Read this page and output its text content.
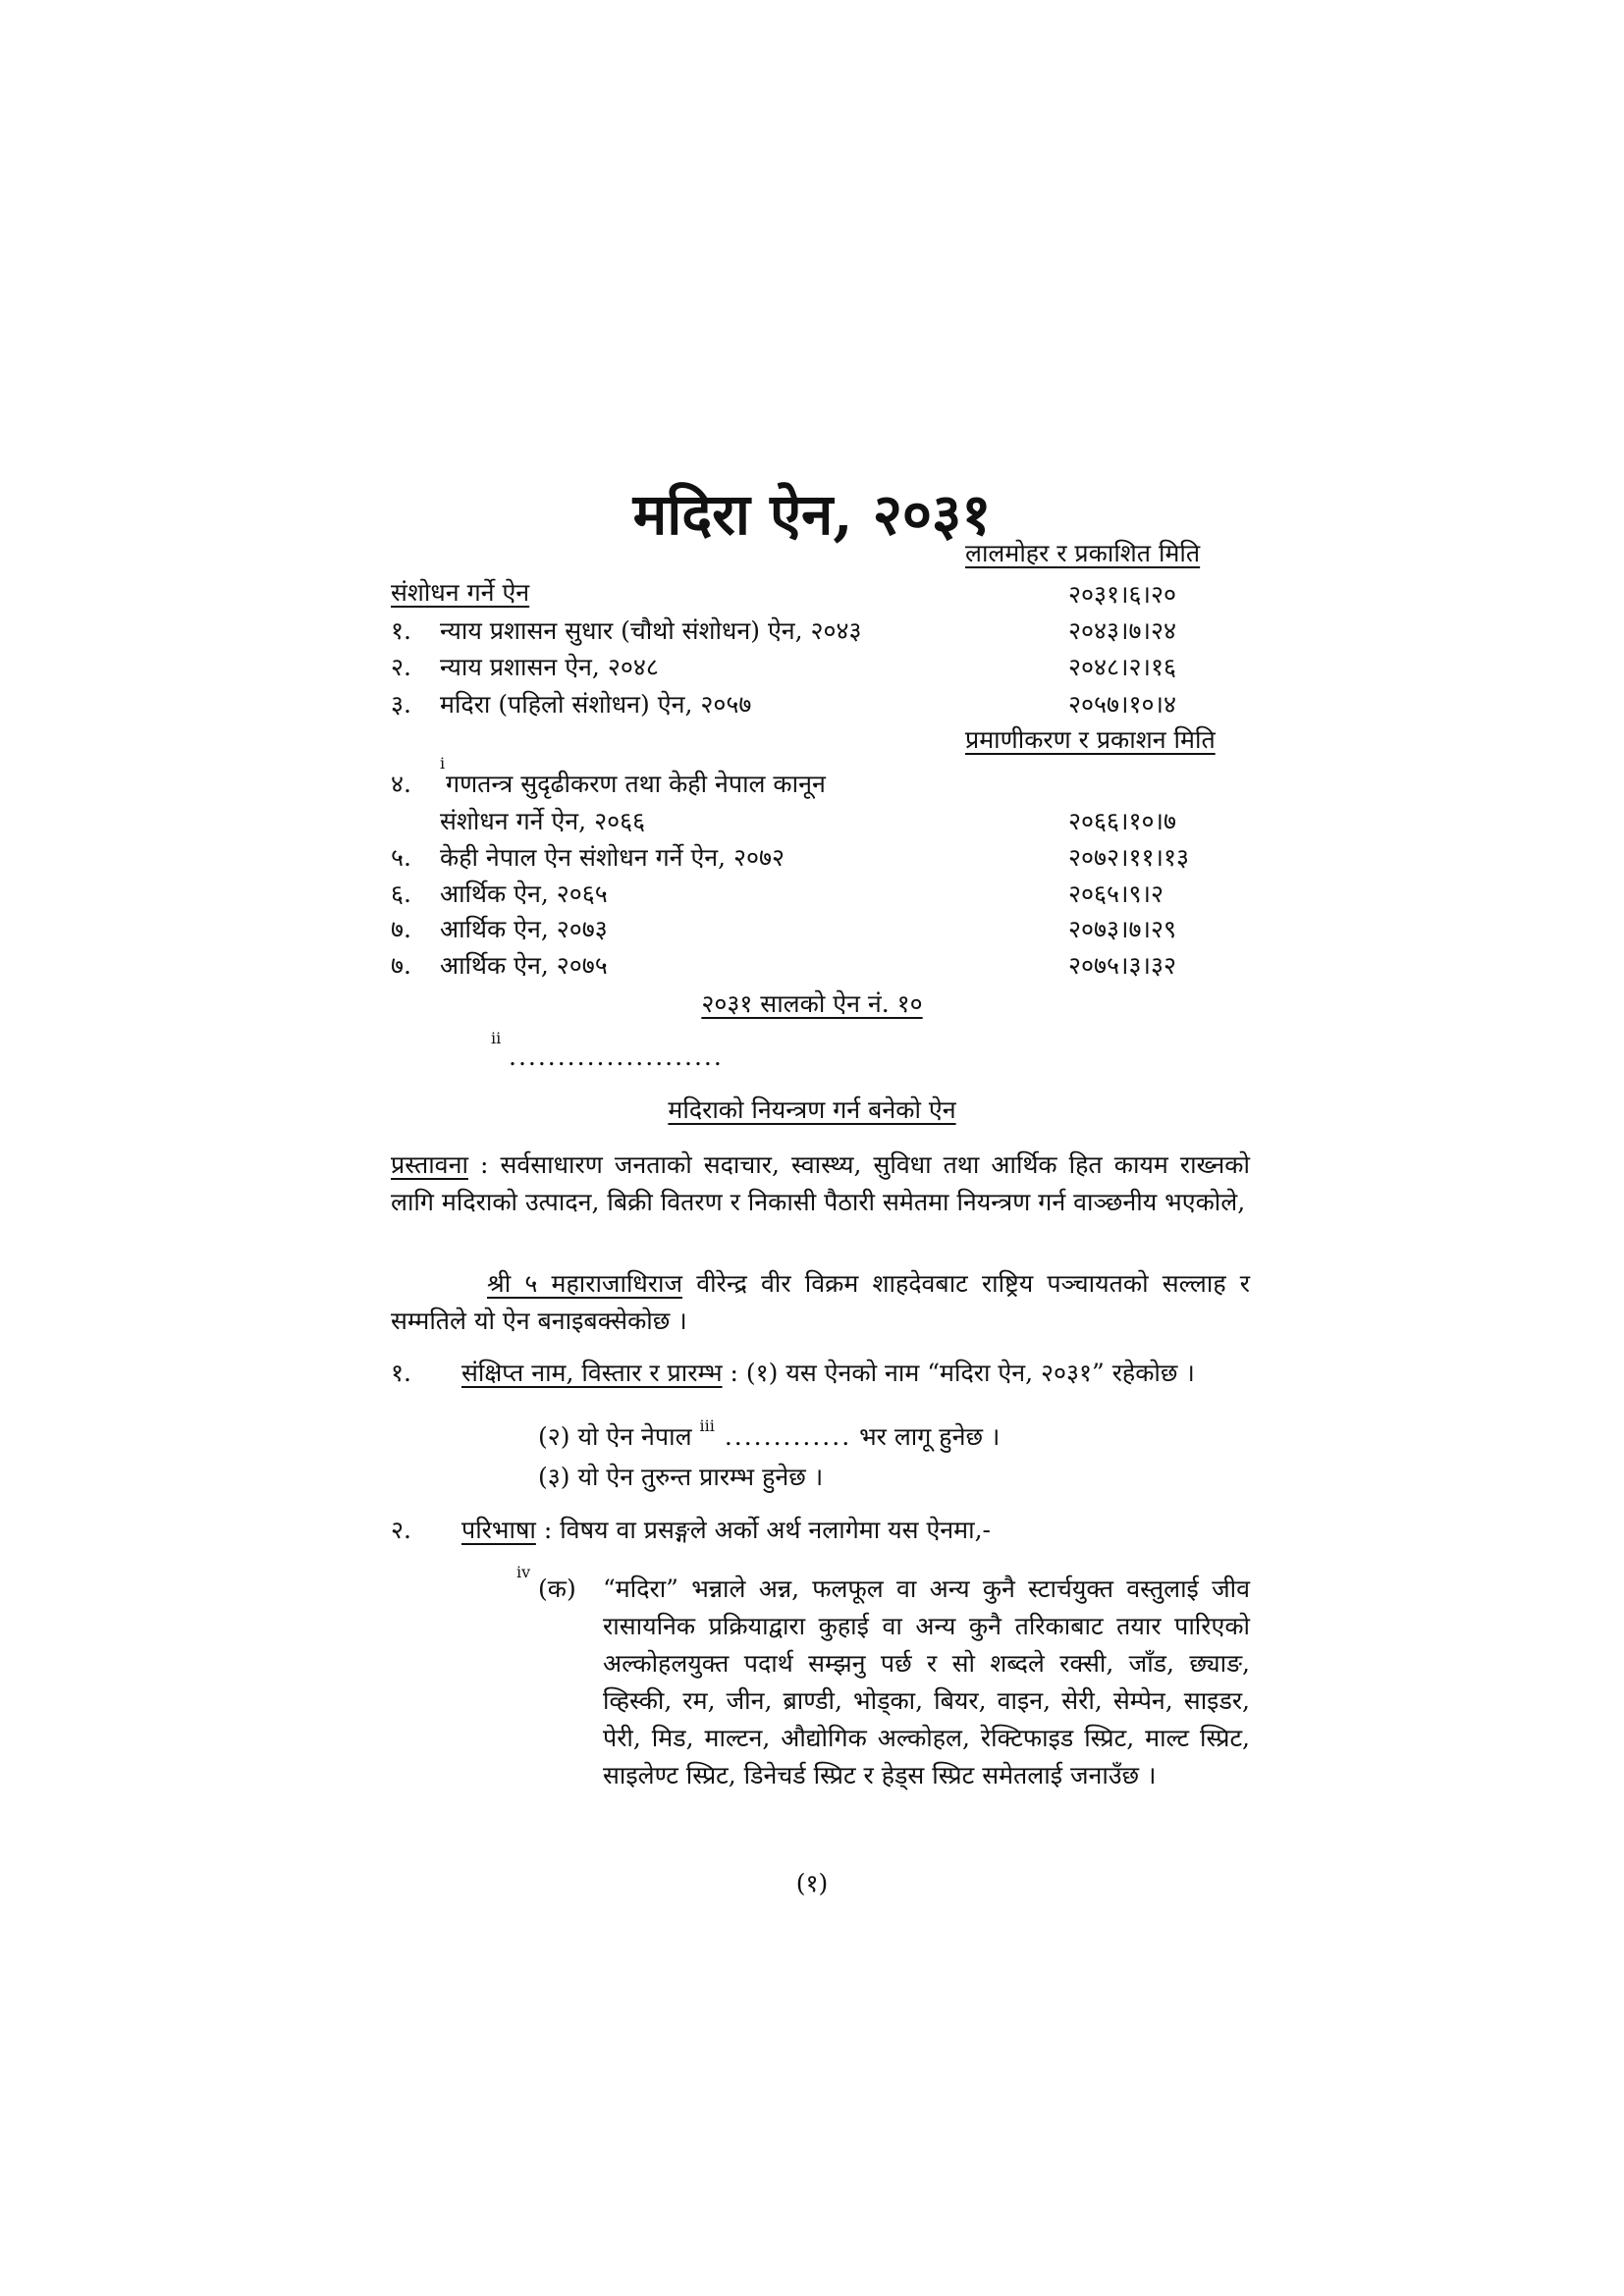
मदिरा ऐन, २०३१
लालमोहर र प्रकाशित मिति
संशोधन गर्ने ऐन	२०३१।६।२०
१. न्याय प्रशासन सुधार (चौथो संशोधन) ऐन, २०४३	२०४३।७।२४
२. न्याय प्रशासन ऐन, २०४८	२०४८।२।१६
३. मदिरा (पहिलो संशोधन) ऐन, २०५७	२०५७।१०।४
प्रमाणीकरण र प्रकाशन मिति
४.
i
गणतन्त्र सुदृढीकरण तथा केही नेपाल कानून
संशोधन गर्ने ऐन, २०६६	२०६६।१०।७
५. केही नेपाल ऐन संशोधन गर्ने ऐन, २०७२	२०७२।११।१३
६. आर्थिक ऐन, २०६५	२०६५।९।२
७. आर्थिक ऐन, २०७३	२०७३।७।२९
७. आर्थिक ऐन, २०७५	२०७५।३।३२
२०३१ सालको ऐन नं. १०
ii
......................
मदिराको नियन्त्रण गर्न बनेको ऐन
प्रस्तावना : सर्वसाधारण जनताको सदाचार, स्वास्थ्य, सुविधा तथा आर्थिक हित कायम राख्नको लागि मदिराको उत्पादन, बिक्री वितरण र निकासी पैठारी समेतमा नियन्त्रण गर्न वाञ्छनीय भएकोले,
श्री ५ महाराजाधिराज वीरेन्द्र वीर विक्रम शाहदेवबाट राष्ट्रिय पञ्चायतको सल्लाह र सम्मतिले यो ऐन बनाइबक्सेकोछ ।
१. संक्षिप्त नाम, विस्तार र प्रारम्भ : (१) यस ऐनको नाम “मदिरा ऐन, २०३१” रहेकोछ ।
(२) यो ऐन नेपाल $^{iii}$ ............. भर लागू हुनेछ ।
(३) यो ऐन तुरुन्त प्रारम्भ हुनेछ ।
२. परिभाषा : विषय वा प्रसङ्गले अर्को अर्थ नलागेमा यस ऐनमा,-
iv
(क) “मदिरा” भन्नाले अन्न, फलफूल वा अन्य कुनै स्टार्चयुक्त वस्तुलाई जीव रासायनिक प्रक्रियाद्वारा कुहाई वा अन्य कुनै तरिकाबाट तयार पारिएको अल्कोहलयुक्त पदार्थ सम्झनु पर्छ र सो शब्दले रक्सी, जाँड, छ्याङ, व्हिस्की, रम, जीन, ब्राण्डी, भोड्का, बियर, वाइन, सेरी, सेम्पेन, साइडर, पेरी, मिड, माल्टन, औद्योगिक अल्कोहल, रेक्टिफाइड स्प्रिट, माल्ट स्प्रिट, साइलेण्ट स्प्रिट, डिनेचर्ड स्प्रिट र हेड्स स्प्रिट समेतलाई जनाउँछ ।
(१)
